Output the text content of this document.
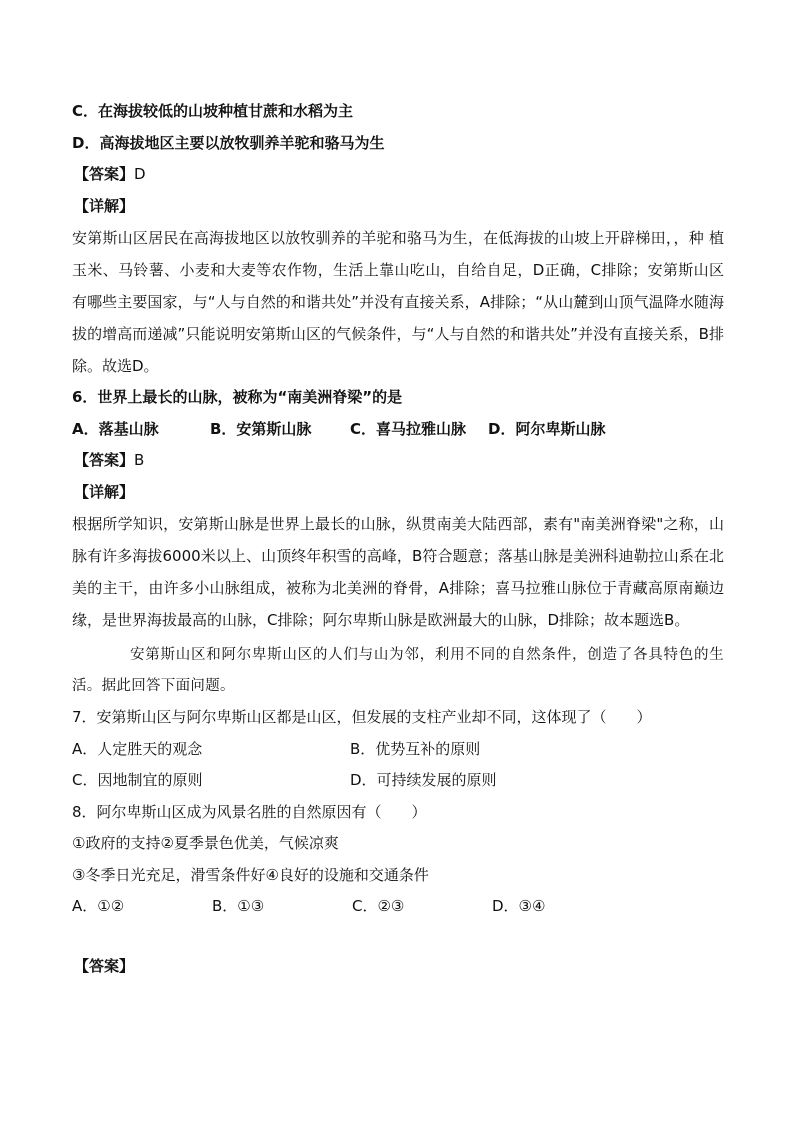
C．在海拔较低的山坡种植甘蔗和水稻为主
D．高海拔地区主要以放牧驯养羊驼和骆马为生
【答案】D
【详解】
安第斯山区居民在高海拔地区以放牧驯养的羊驼和骆马为生，在低海拔的山坡上开辟梯田，，种 植玉米、马铃薯、小麦和大麦等农作物，生活上靠山吃山，自给自足，D正确，C排除；安第斯山区有哪些主要国家，与“人与自然的和谐共处”并没有直接关系，A排除；“从山麓到山顶气温降水随海拔的增高而递减”只能说明安第斯山区的气候条件，与“人与自然的和谐共处”并没有直接关系，B排除。故选D。
6．世界上最长的山脉，被称为“南美洲脊梁”的是
A．落基山脉	B．安第斯山脉	C．喜马拉雅山脉	D．阿尔卑斯山脉
【答案】B
【详解】
根据所学知识，安第斯山脉是世界上最长的山脉，纵贯南美大陆西部，素有"南美洲脊梁"之称，山脉有许多海拔6000米以上、山顶终年积雪的高峰，B符合题意；落基山脉是美洲科迪勒拉山系在北美的主干，由许多小山脉组成，被称为北美洲的脊骨，A排除；喜马拉雅山脉位于青藏高原南巅边缘，是世界海拔最高的山脉，C排除；阿尔卑斯山脉是欧洲最大的山脉，D排除；故本题选B。
安第斯山区和阿尔卑斯山区的人们与山为邻，利用不同的自然条件，创造了各具特色的生活。据此回答下面问题。
7．安第斯山区与阿尔卑斯山区都是山区，但发展的支柱产业却不同，这体现了（　　）
A．人定胜天的观念	B．优势互补的原则
C．因地制宜的原则	D．可持续发展的原则
8．阿尔卑斯山区成为风景名胜的自然原因有（　　）
①政府的支持②夏季景色优美，气候凉爽
③冬季日光充足，滑雪条件好④良好的设施和交通条件
A．①②	B．①③	C．②③	D．③④
【答案】
